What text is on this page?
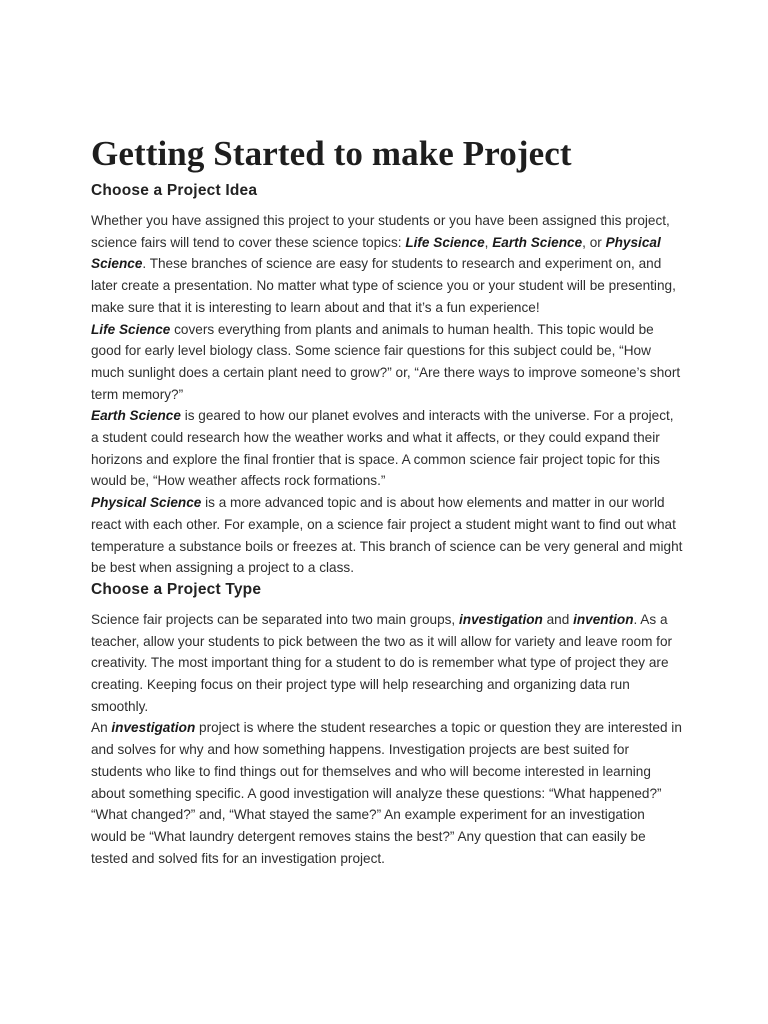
Getting Started to make Project
Choose a Project Idea

Whether you have assigned this project to your students or you have been assigned this project, science fairs will tend to cover these science topics: Life Science, Earth Science, or Physical Science. These branches of science are easy for students to research and experiment on, and later create a presentation. No matter what type of science you or your student will be presenting, make sure that it is interesting to learn about and that it’s a fun experience!

Life Science covers everything from plants and animals to human health. This topic would be good for early level biology class. Some science fair questions for this subject could be, “How much sunlight does a certain plant need to grow?” or, “Are there ways to improve someone’s short term memory?”

Earth Science is geared to how our planet evolves and interacts with the universe. For a project, a student could research how the weather works and what it affects, or they could expand their horizons and explore the final frontier that is space. A common science fair project topic for this would be, “How weather affects rock formations.”

Physical Science is a more advanced topic and is about how elements and matter in our world react with each other. For example, on a science fair project a student might want to find out what temperature a substance boils or freezes at. This branch of science can be very general and might be best when assigning a project to a class.

Choose a Project Type

Science fair projects can be separated into two main groups, investigation and invention. As a teacher, allow your students to pick between the two as it will allow for variety and leave room for creativity. The most important thing for a student to do is remember what type of project they are creating. Keeping focus on their project type will help researching and organizing data run smoothly.

An investigation project is where the student researches a topic or question they are interested in and solves for why and how something happens. Investigation projects are best suited for students who like to find things out for themselves and who will become interested in learning about something specific. A good investigation will analyze these questions: “What happened?” “What changed?” and, “What stayed the same?” An example experiment for an investigation would be “What laundry detergent removes stains the best?” Any question that can easily be tested and solved fits for an investigation project.
